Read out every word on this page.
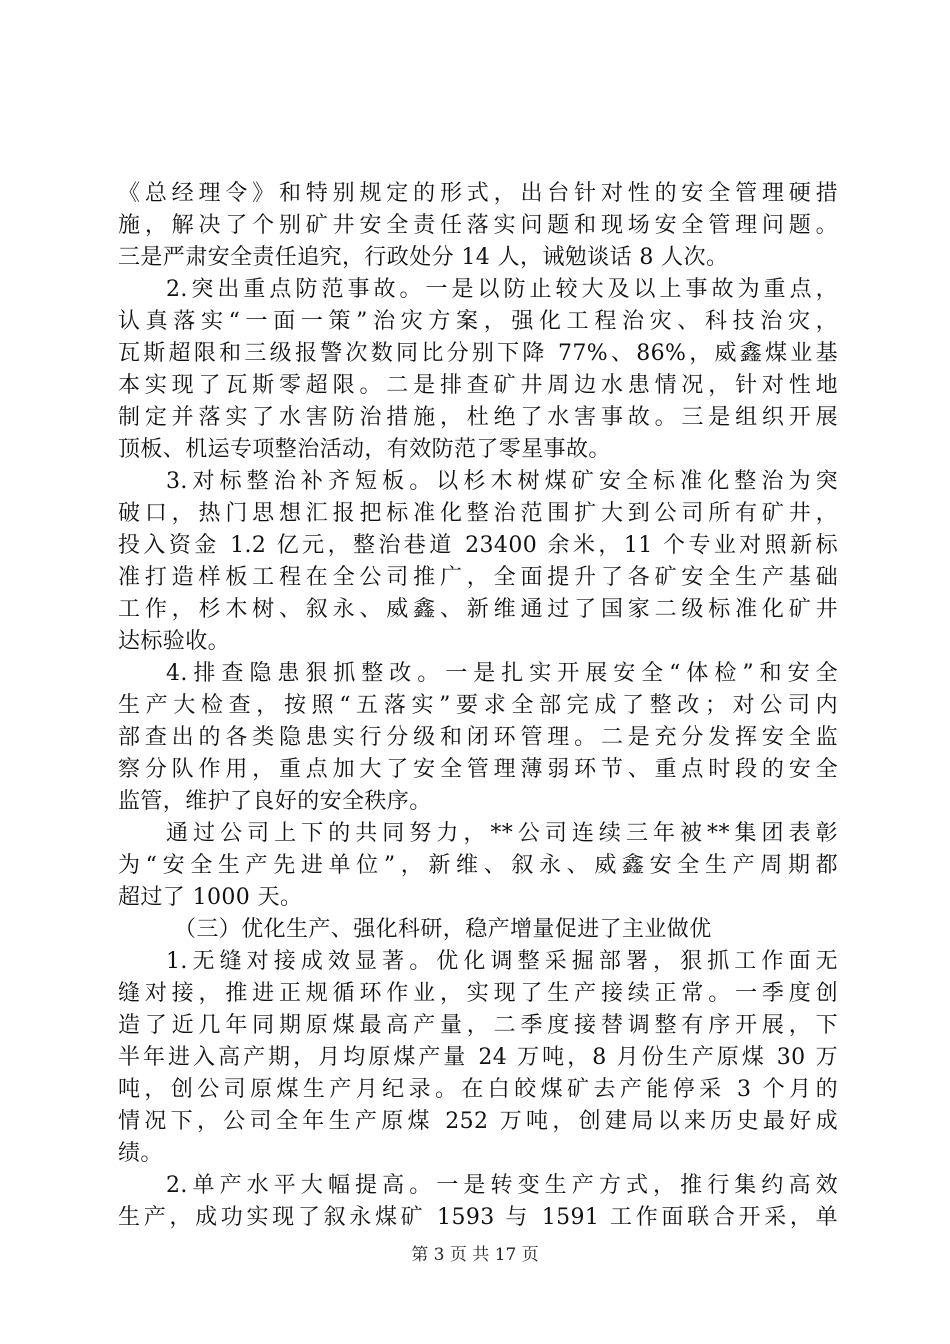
《总经理令》和特别规定的形式，出台针对性的安全管理硬措
施，解决了个别矿井安全责任落实问题和现场安全管理问题。
三是严肃安全责任追究，行政处分 14 人，诫勉谈话 8 人次。
2.突出重点防范事故。一是以防止较大及以上事故为重点，
认真落实“一面一策”治灾方案，强化工程治灾、科技治灾，
瓦斯超限和三级报警次数同比分别下降 77%、86%，威鑫煤业基
本实现了瓦斯零超限。二是排查矿井周边水患情况，针对性地
制定并落实了水害防治措施，杜绝了水害事故。三是组织开展
顶板、机运专项整治活动，有效防范了零星事故。
3.对标整治补齐短板。以杉木树煤矿安全标准化整治为突
破口，热门思想汇报把标准化整治范围扩大到公司所有矿井，
投入资金 1.2 亿元，整治巷道 23400 余米，11 个专业对照新标
准打造样板工程在全公司推广，全面提升了各矿安全生产基础
工作，杉木树、叙永、威鑫、新维通过了国家二级标准化矿井
达标验收。
4.排查隐患狠抓整改。一是扎实开展安全“体检”和安全
生产大检查，按照“五落实”要求全部完成了整改；对公司内
部查出的各类隐患实行分级和闭环管理。二是充分发挥安全监
察分队作用，重点加大了安全管理薄弱环节、重点时段的安全
监管，维护了良好的安全秩序。
通过公司上下的共同努力，**公司连续三年被**集团表彰
为“安全生产先进单位”，新维、叙永、威鑫安全生产周期都
超过了 1000 天。
（三）优化生产、强化科研，稳产增量促进了主业做优
1.无缝对接成效显著。优化调整采掘部署，狠抓工作面无
缝对接，推进正规循环作业，实现了生产接续正常。一季度创
造了近几年同期原煤最高产量，二季度接替调整有序开展，下
半年进入高产期，月均原煤产量 24 万吨，8 月份生产原煤 30 万
吨，创公司原煤生产月纪录。在白皎煤矿去产能停采 3 个月的
情况下，公司全年生产原煤 252 万吨，创建局以来历史最好成
绩。
2.单产水平大幅提高。一是转变生产方式，推行集约高效
生产，成功实现了叙永煤矿 1593 与 1591 工作面联合开采，单
第 3 页 共 17 页
